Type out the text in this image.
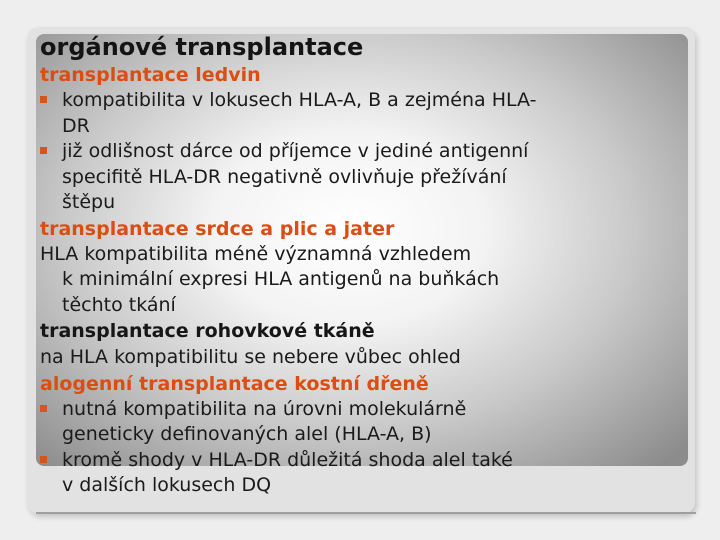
orgánové transplantace
transplantace ledvin
kompatibilita v lokusech HLA-A, B a zejména HLA-
DR
již odlišnost dárce od příjemce v jediné antigenní
specifitě HLA-DR negativně ovlivňuje přežívání
štěpu
transplantace srdce a plic a jater
HLA kompatibilita méně významná vzhledem
k minimální expresi HLA antigenů na buňkách
těchto tkání
transplantace rohovkové tkáně
na HLA kompatibilitu se nebere vůbec ohled
alogenní transplantace kostní dřeně
nutná kompatibilita na úrovni molekulárně
geneticky definovaných alel (HLA-A, B)
kromě shody v HLA-DR důležitá shoda alel také
v dalších lokusech DQ
